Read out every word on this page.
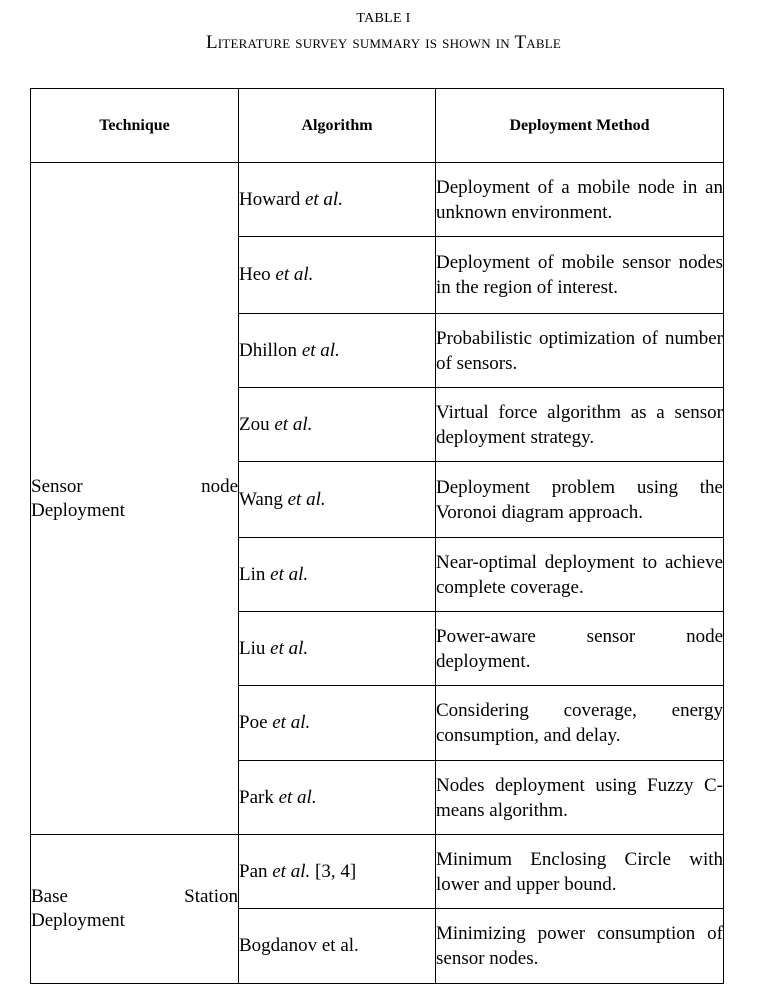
TABLE I
Literature survey summary is shown in Table
Technique	Algorithm	Deployment Method

Sensor node
Deployment	Howard et al.	Deployment of a mobile node in an unknown environment.

	Heo et al.	Deployment of mobile sensor nodes in the region of interest.

	Dhillon et al.	Probabilistic optimization of number of sensors.

	Zou et al.	Virtual force algorithm as a sensor deployment strategy.

	Wang et al.	Deployment problem using the Voronoi diagram approach.

	Lin et al.	Near-optimal deployment to achieve complete coverage.

	Liu et al.	Power-aware sensor node deployment.

	Poe et al.	Considering coverage, energy consumption, and delay.

	Park et al.	Nodes deployment using Fuzzy C- means algorithm.

Base Station
Deployment	Pan et al. [3, 4]	Minimum Enclosing Circle with lower and upper bound.

	Bogdanov et al.	Minimizing power consumption of sensor nodes.
